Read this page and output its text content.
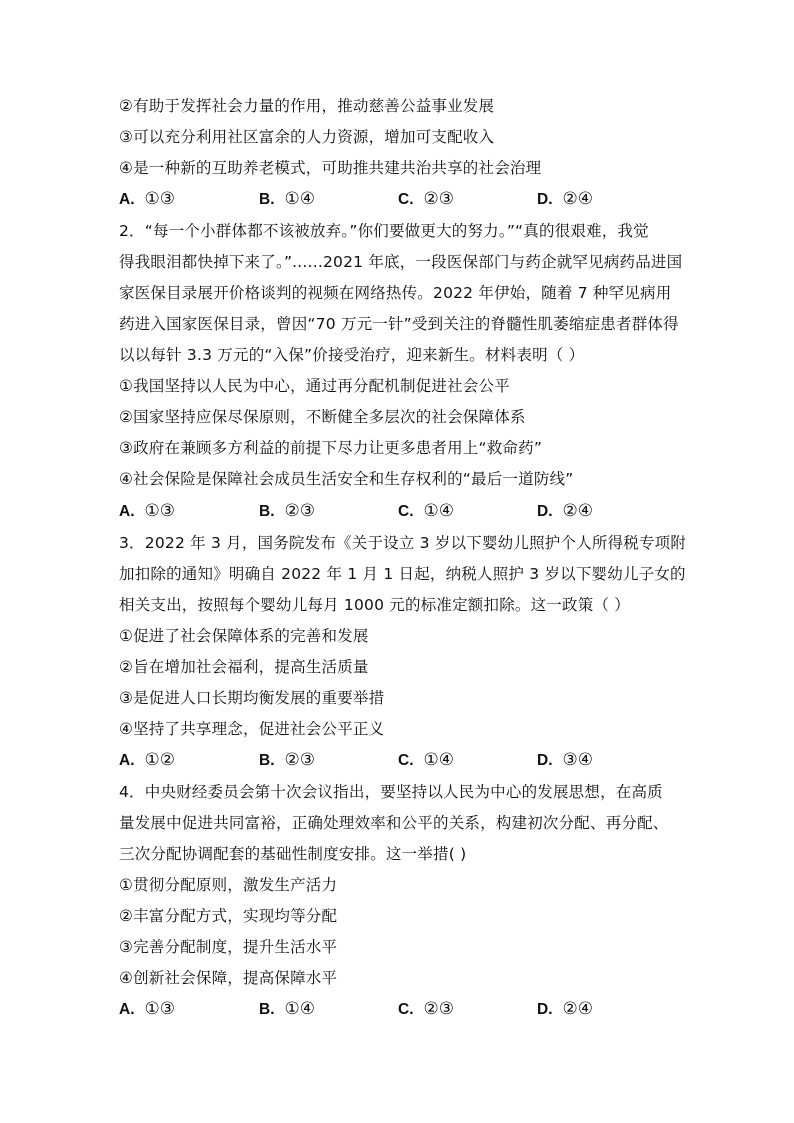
②有助于发挥社会力量的作用，推动慈善公益事业发展
③可以充分利用社区富余的人力资源，增加可支配收入
④是一种新的互助养老模式，可助推共建共治共享的社会治理
A. ①③	B. ①④	C. ②③	D. ②④
2．“每一个小群体都不该被放弃。”你们要做更大的努力。”“真的很艰难，我觉
得我眼泪都快掉下来了。”......2021 年底，一段医保部门与药企就罕见病药品进国
家医保目录展开价格谈判的视频在网络热传。2022 年伊始，随着 7 种罕见病用
药进入国家医保目录，曾因“70 万元一针”受到关注的脊髓性肌萎缩症患者群体得
以以每针 3.3 万元的“入保”价接受治疗，迎来新生。材料表明（ ）
①我国坚持以人民为中心，通过再分配机制促进社会公平
②国家坚持应保尽保原则，不断健全多层次的社会保障体系
③政府在兼顾多方利益的前提下尽力让更多患者用上“救命药”
④社会保险是保障社会成员生活安全和生存权利的“最后一道防线”
A. ①③	B. ②③	C. ①④	D. ②④
3．2022 年 3 月，国务院发布《关于设立 3 岁以下婴幼儿照护个人所得税专项附
加扣除的通知》明确自 2022 年 1 月 1 日起，纳税人照护 3 岁以下婴幼儿子女的
相关支出，按照每个婴幼儿每月 1000 元的标准定额扣除。这一政策（ ）
①促进了社会保障体系的完善和发展
②旨在增加社会福利，提高生活质量
③是促进人口长期均衡发展的重要举措
④坚持了共享理念，促进社会公平正义
A. ①②	B. ②③	C. ①④	D. ③④
4．中央财经委员会第十次会议指出，要坚持以人民为中心的发展思想，在高质
量发展中促进共同富裕，正确处理效率和公平的关系，构建初次分配、再分配、
三次分配协调配套的基础性制度安排。这一举措( )
①贯彻分配原则，激发生产活力
②丰富分配方式，实现均等分配
③完善分配制度，提升生活水平
④创新社会保障，提高保障水平
A. ①③	B. ①④	C. ②③	D. ②④
